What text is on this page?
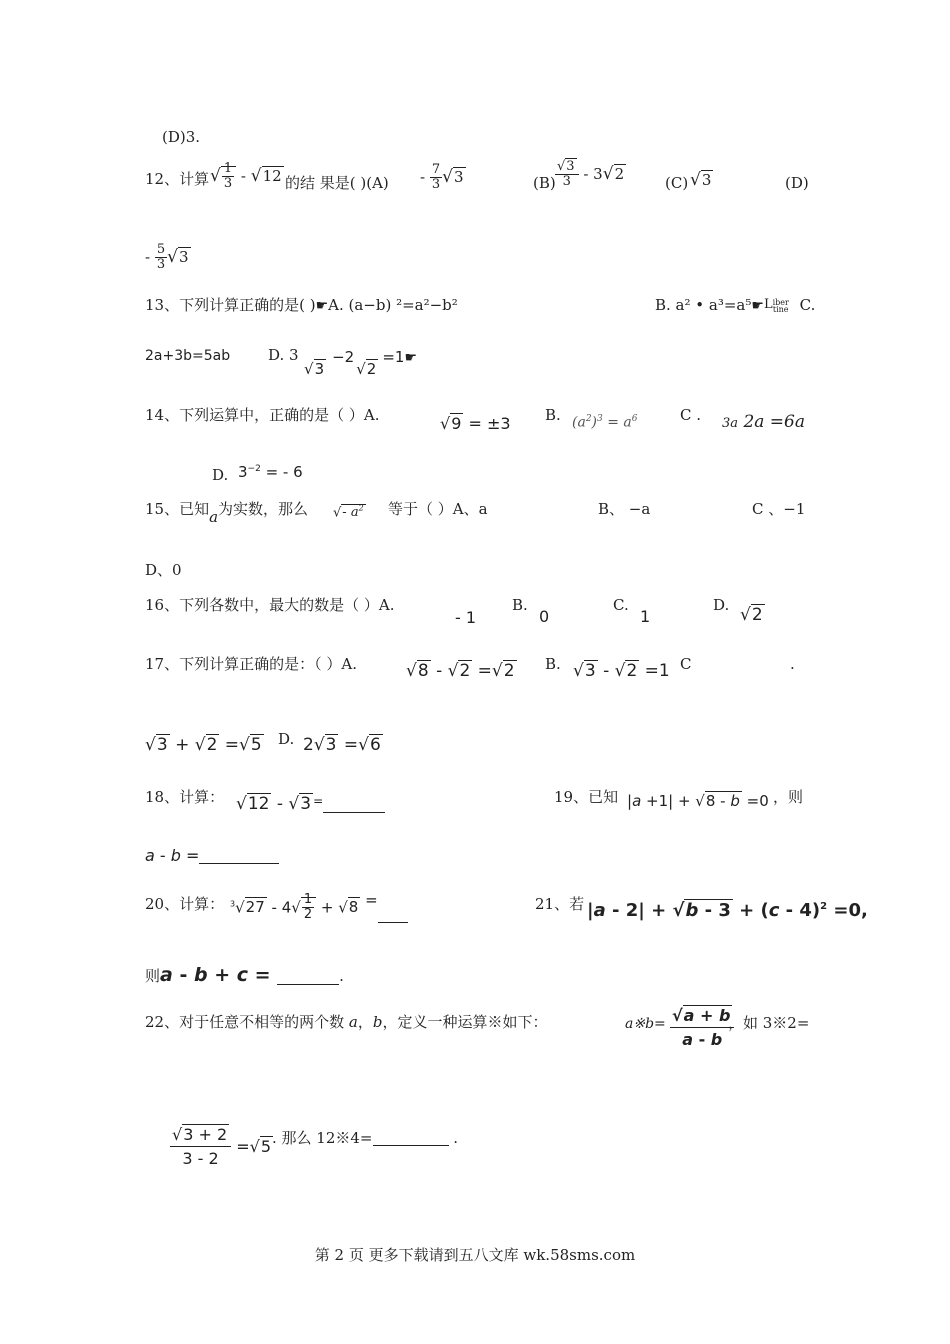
(D)3.
12、计算 √ $\frac{1}{3} - √12$ 的结 果是( )$(A) - \frac{7}{3} √3$	$(B) \frac{√3}{3} - 3√2$
(C) √3	(D)
- $\frac{5}{3} √3$
13、下列计算正确的是( )☛A. (a−b) ²=a²−b²	B. a² • a³=a⁵☛L iber
tine C.
2a+3b=5ab	D. 3
√3−2√2=1☛
14、下列运算中，正确的是（ ）A.	√9 = ±3 B. $(a^2)^3 = a^6$	C . 3a 2a =6a
D. $3^{-2}$ = - 6
15、已知a为实数，那么 √- $a^2$ 等于（ ）A、a	B、 −a	C 、−1
D、0
16、下列各数中，最大的数是（ ）A.
- 1
B.
0
C.
1
D. √2
17、下列计算正确的是：（ ）A.	√8 - √2 =√2 B. √3 - √2 =1 C	.
√3 + √2 =√5 D. 2√3 =√6
18、计算： √12 - √3 =	19、已知 |a +1| + √8 - b =0 ，则
a - b =
20、计算： $^3√27 - 4√ \frac{1}{2} + √8$ =	21、若 |a - 2| + √b - 3 + (c - 4)$^2$ =0,
则a - b + c =	.
22、对于任意不相等的两个数 a，b，定义一种运算※如下：	a※b= √a + b
a - b
，如 3※2=
$\frac{√3 + 2}{3 - 2} =√5$ . 那么 12※4=	.
第 2 页 更多下载请到五八文库 wk.58sms.com
